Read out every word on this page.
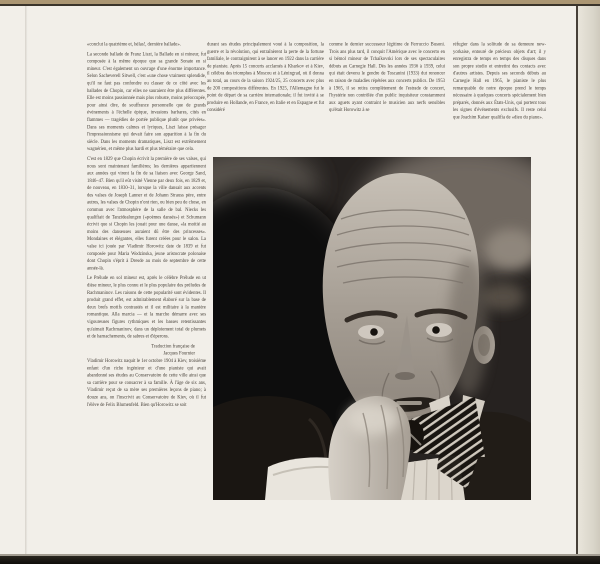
«conclut la quatrième et, hélas!, dernière ballade».

La seconde ballade de Franz Liszt, la Ballade en si mineur, fut composée à la même époque que sa grande Sonate en si mineur. C'est également un ouvrage d'une énorme importance. Selon Sacheverell Sitwell, c'est «une chose vraiment splendide, qu'il ne faut pas confondre ou classer de ce côté avec les ballades de Chopin, car elles ne sauraient être plus différentes. Elle est moins passionnée mais plus robuste, moins préoccupée, pour ainsi dire, de souffrance personnelle que de grands événements à l'échelle épique, invasions barbares, cités en flammes — tragédies de portée publique plutôt que privées». Dans ses moments calmes et lyriques, Liszt laisse présager l'impressionnisme qui devait faire son apparition à la fin du siècle. Dans les moments dramatiques, Liszt est extrêmement wagnérien, et même plus hardi et plus téméraire que cela.

C'est en 1829 que Chopin écrivit la première de ses valses, qui nous sont maintenant familières; les dernières appartiennent aux années qui virent la fin de sa liaison avec George Sand, 1846–47. Bien qu'il eût visité Vienne par deux fois, en 1829 et, de nouveau, en 1830–31, lorsque la ville dansait aux accents des valses de Joseph Lanner et de Johann Strauss père, entre autres, les valses de Chopin n'ont rien, ou bien peu de chose, en commun avec l'atmosphère de la salle de bal. Niecks les qualifiait de Tanzidealungen («poèmes dansés») et Schumann écrivit que si Chopin les jouait pour une danse, «la moitié au moins des danseuses auraient dû être des princesses». Mondaines et élégantes, elles furent créées pour le salon. La valse ici jouée par Vladimir Horowitz date de 1839 et fut composée pour Maria Wodzinska, jeune aristocrate polonaise dont Chopin s'éprit à Dresde au mois de septembre de cette année-là.

Le Prélude en sol mineur est, après le célèbre Prélude en ut dièse mineur, le plus connu et le plus populaire des préludes de Rachmaninov. Les raisons de cette popularité sont évidentes. Il produit grand effet, est admirablement élaboré sur la base de deux brefs motifs contrastés et il est militaire à la manière romantique. Alla marcia — et la marche démarre avec ses vigoureuses figures rythmiques et les basses retentissantes qu'aimait Rachmaninov, dans un déploiement total de plumets et de harnachements, de sabres et d'éperons.

Traduction française de
Jacques Fournier

Vladimir Horowitz naquit le 1er octobre 1904 à Kiev, troisième enfant d'un riche ingénieur et d'une pianiste qui avait abandonné ses études au Conservatoire de cette ville ainsi que sa carrière pour se consacrer à sa famille. À l'âge de six ans, Vladimir reçut de sa mère ses premières leçons de piano; à douze ans, on l'inscrivit au Conservatoire de Kiev, où il fut l'élève de Felix Blumenfeld. Bien qu'Horowitz se soit

durant ses études principalement voué à la composition, la guerre et la révolution, qui entraînèrent la perte de la fortune familiale, le contraignirent à se lancer en 1922 dans la carrière de pianiste. Après 15 concerts acclamés à Kharkov et à Kiev, il célébra des triomphes à Moscou et à Léningrad, où il donna au total, au cours de la saison 1924/25, 25 concerts avec plus de 200 compositions différentes. En 1925, l'Allemagne fut le point de départ de sa carrière internationale; il fut invité à se produire en Hollande, en France, en Italie et en Espagne et fut considéré

comme le dernier successeur légitime de Ferruccio Busoni. Trois ans plus tard, il conquit l'Amérique avec le concerto en si bémol mineur de Tchaïkovski lors de ses spectaculaires débuts au Carnegie Hall. Dès les années 1936 à 1939, celui qui était devenu le gendre de Toscanini (1933) dut renoncer en raison de maladies répétées aux concerts publics. De 1953 à 1965, il se retira complètement de l'estrade de concert, l'hystérie non contrôlée d'un public inquisiteur constamment aux aguets ayant contraint le musicien aux nerfs sensibles qu'était Horowitz à se

réfugier dans la solitude de sa demeure new-yorkaise, entouré de précieux objets d'art; il y enregistra de temps en temps des disques dans son propre studio et entretint des contacts avec d'autres artistes. Depuis ses seconds débuts au Carnegie Hall en 1965, le pianiste le plus remarquable de notre époque prend le temps nécessaire à quelques concerts spécialement bien préparés, donnés aux États-Unis, qui portent tous les signes d'événements exclusifs. Il reste celui que Joachim Kaiser qualifia de «dieu du piano».
